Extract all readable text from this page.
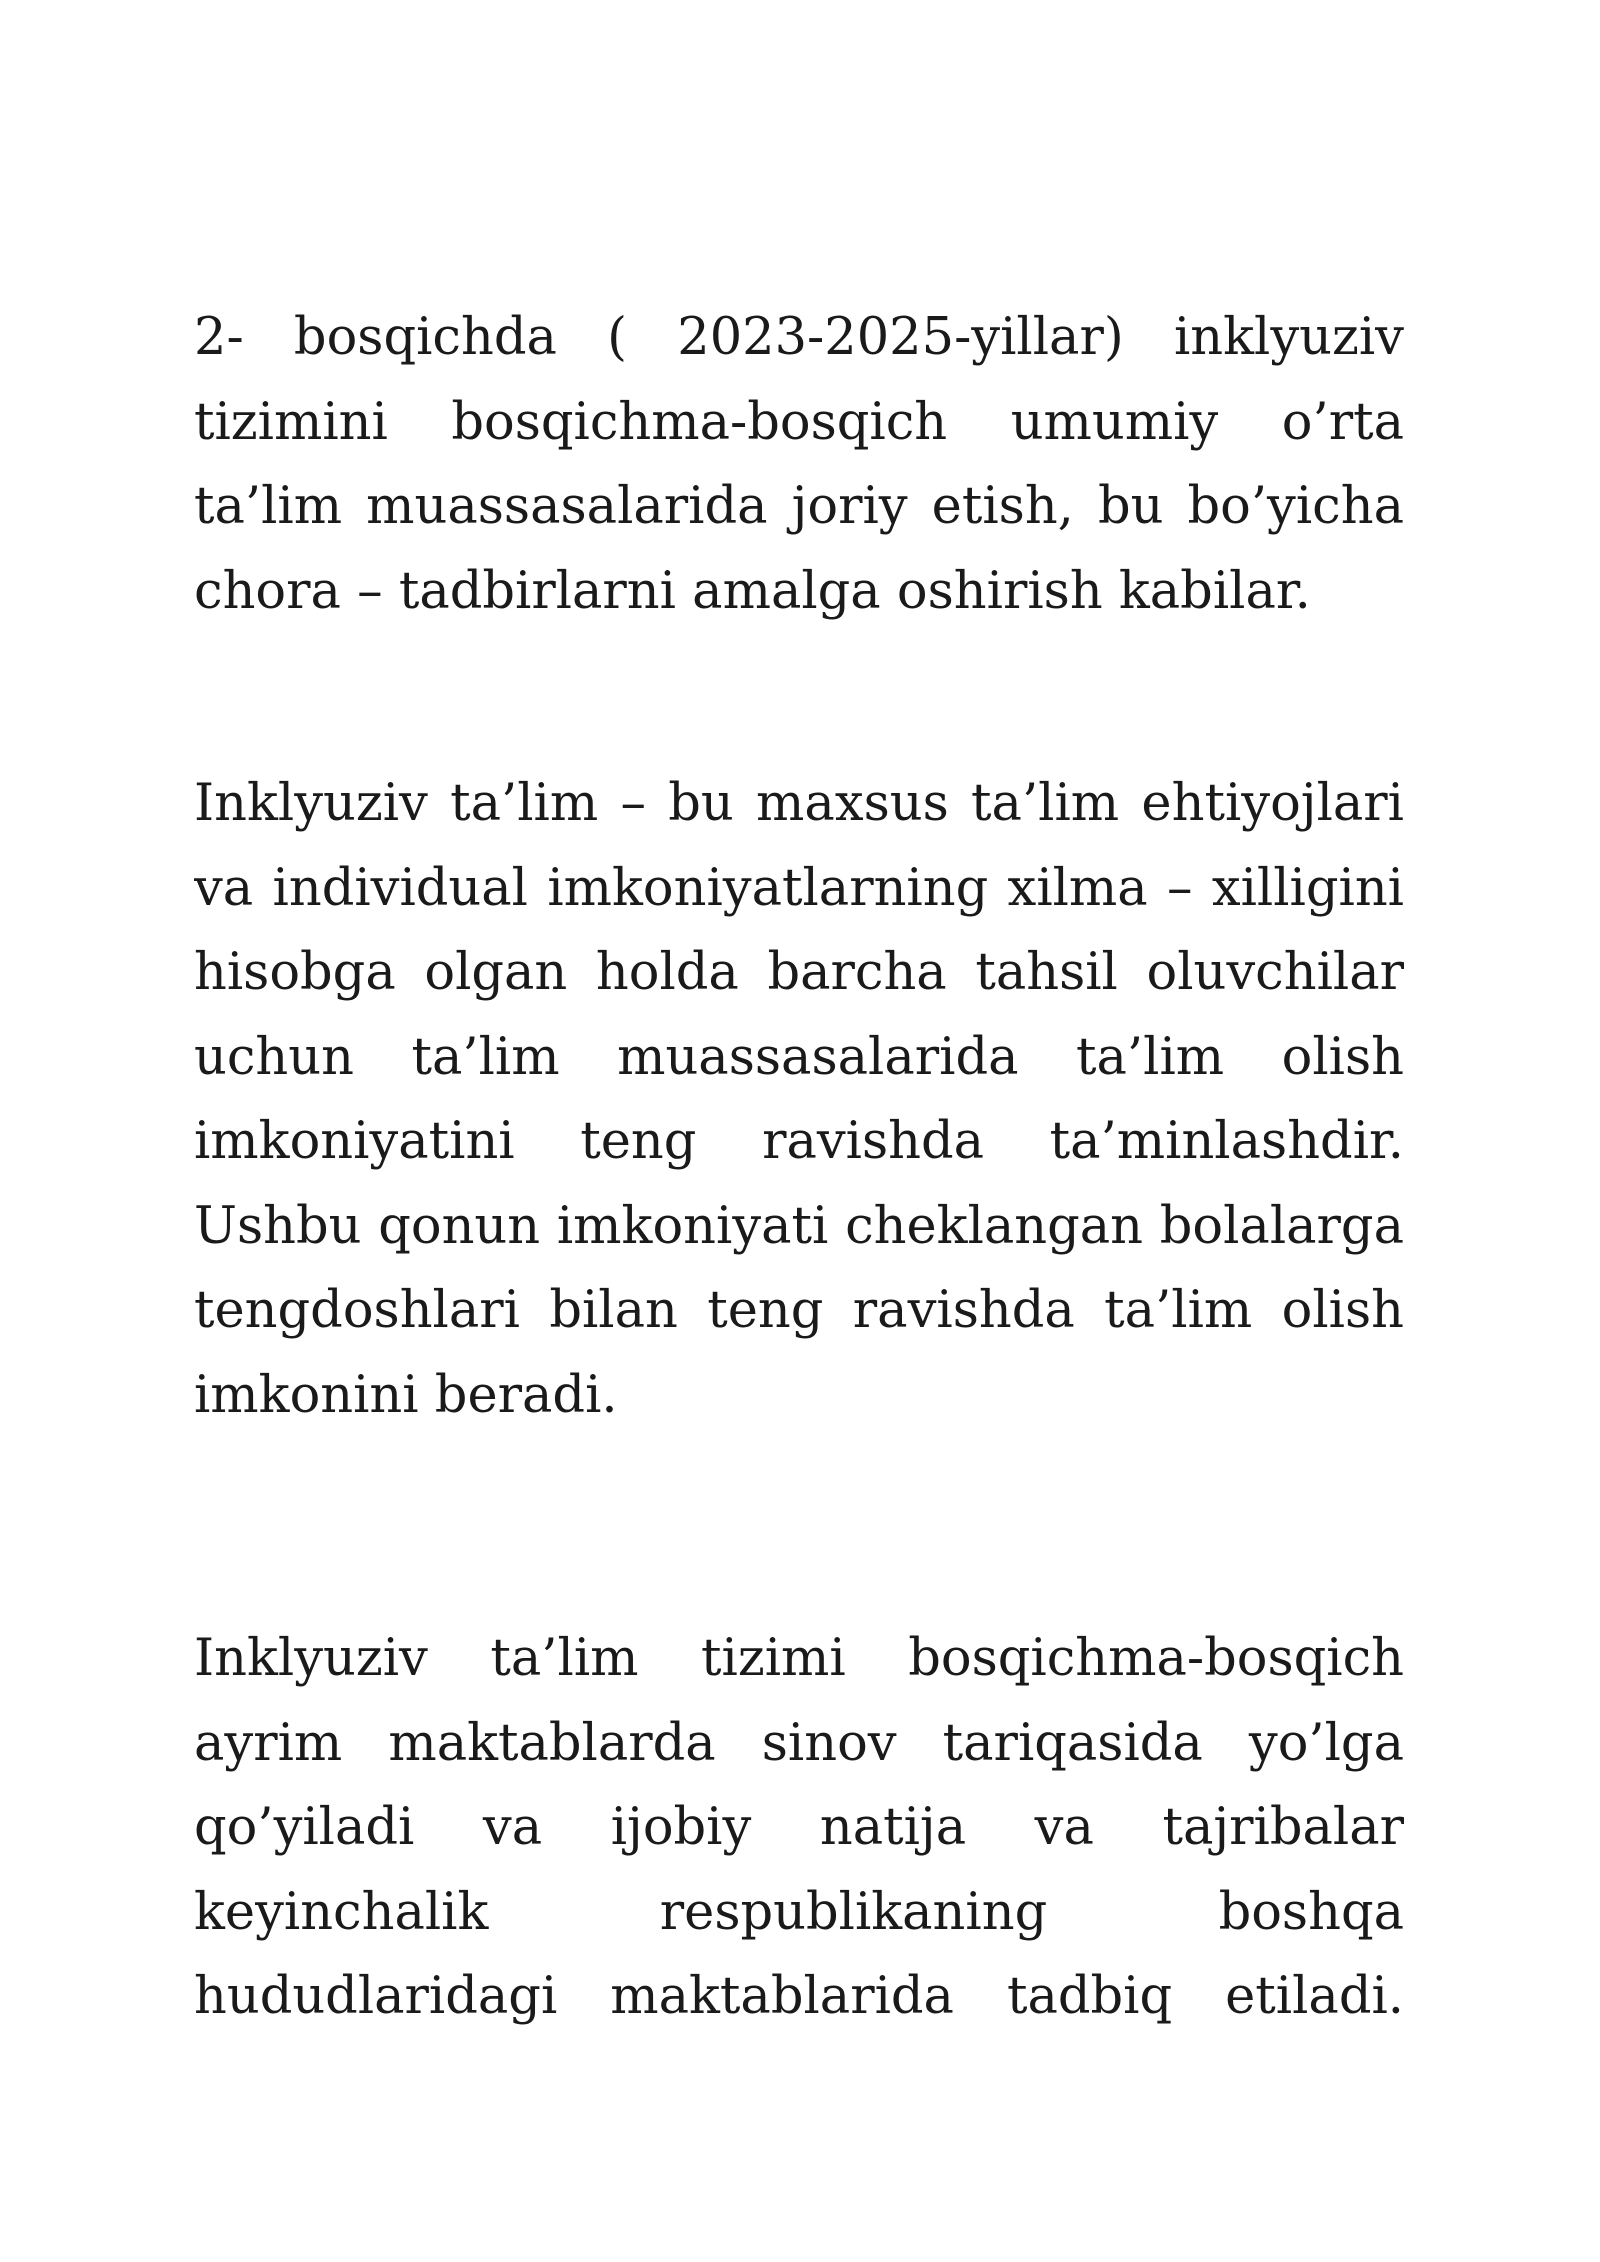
2- bosqichda ( 2023-2025-yillar) inklyuziv
tizimini bosqichma-bosqich umumiy o’rta
ta’lim muassasalarida joriy etish, bu bo’yicha
chora – tadbirlarni amalga oshirish kabilar.

Inklyuziv ta’lim – bu maxsus ta’lim ehtiyojlari
va individual imkoniyatlarning xilma – xilligini
hisobga olgan holda barcha tahsil oluvchilar
uchun ta’lim muassasalarida ta’lim olish
imkoniyatini teng ravishda ta’minlashdir.
Ushbu qonun imkoniyati cheklangan bolalarga
tengdoshlari bilan teng ravishda ta’lim olish
imkonini beradi.

Inklyuziv ta’lim tizimi bosqichma-bosqich
ayrim maktablarda sinov tariqasida yo’lga
qo’yiladi va ijobiy natija va tajribalar
keyinchalik respublikaning boshqa
hududlaridagi maktablarida tadbiq etiladi.
